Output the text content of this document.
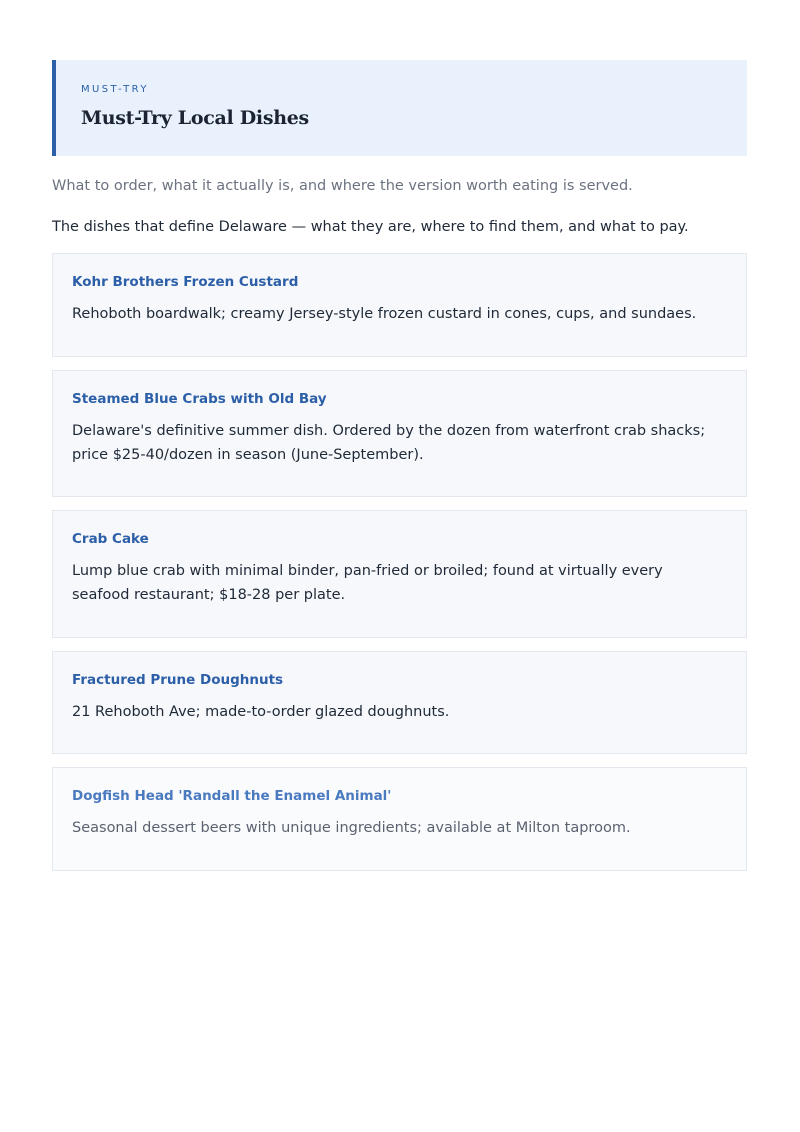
MUST-TRY
Must-Try Local Dishes
What to order, what it actually is, and where the version worth eating is served.
The dishes that define Delaware — what they are, where to find them, and what to pay.
Kohr Brothers Frozen Custard
Rehoboth boardwalk; creamy Jersey-style frozen custard in cones, cups, and sundaes.
Steamed Blue Crabs with Old Bay
Delaware's definitive summer dish. Ordered by the dozen from waterfront crab shacks; price $25-40/dozen in season (June-September).
Crab Cake
Lump blue crab with minimal binder, pan-fried or broiled; found at virtually every seafood restaurant; $18-28 per plate.
Fractured Prune Doughnuts
21 Rehoboth Ave; made-to-order glazed doughnuts.
Dogfish Head 'Randall the Enamel Animal'
Seasonal dessert beers with unique ingredients; available at Milton taproom.
